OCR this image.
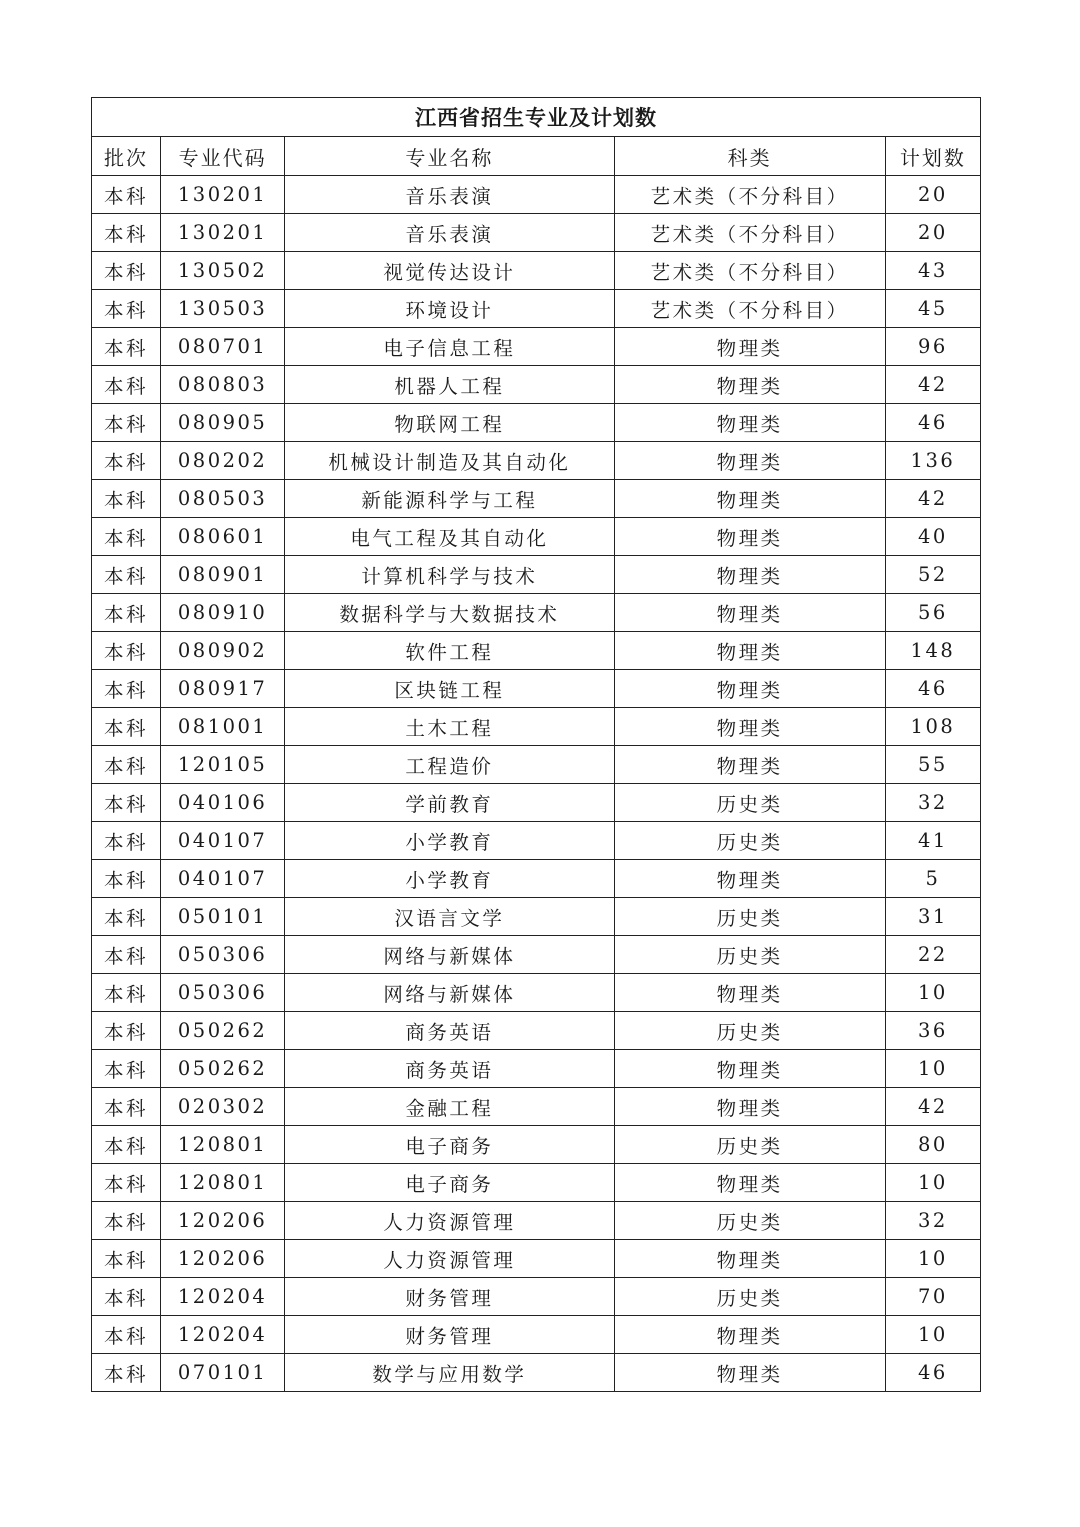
江西省招生专业及计划数				
批次	专业代码	专业名称	科类	计划数
本科	130201	音乐表演	艺术类（不分科目）	20
本科	130201	音乐表演	艺术类（不分科目）	20
本科	130502	视觉传达设计	艺术类（不分科目）	43
本科	130503	环境设计	艺术类（不分科目）	45
本科	080701	电子信息工程	物理类	96
本科	080803	机器人工程	物理类	42
本科	080905	物联网工程	物理类	46
本科	080202	机械设计制造及其自动化	物理类	136
本科	080503	新能源科学与工程	物理类	42
本科	080601	电气工程及其自动化	物理类	40
本科	080901	计算机科学与技术	物理类	52
本科	080910	数据科学与大数据技术	物理类	56
本科	080902	软件工程	物理类	148
本科	080917	区块链工程	物理类	46
本科	081001	土木工程	物理类	108
本科	120105	工程造价	物理类	55
本科	040106	学前教育	历史类	32
本科	040107	小学教育	历史类	41
本科	040107	小学教育	物理类	5
本科	050101	汉语言文学	历史类	31
本科	050306	网络与新媒体	历史类	22
本科	050306	网络与新媒体	物理类	10
本科	050262	商务英语	历史类	36
本科	050262	商务英语	物理类	10
本科	020302	金融工程	物理类	42
本科	120801	电子商务	历史类	80
本科	120801	电子商务	物理类	10
本科	120206	人力资源管理	历史类	32
本科	120206	人力资源管理	物理类	10
本科	120204	财务管理	历史类	70
本科	120204	财务管理	物理类	10
本科	070101	数学与应用数学	物理类	46
